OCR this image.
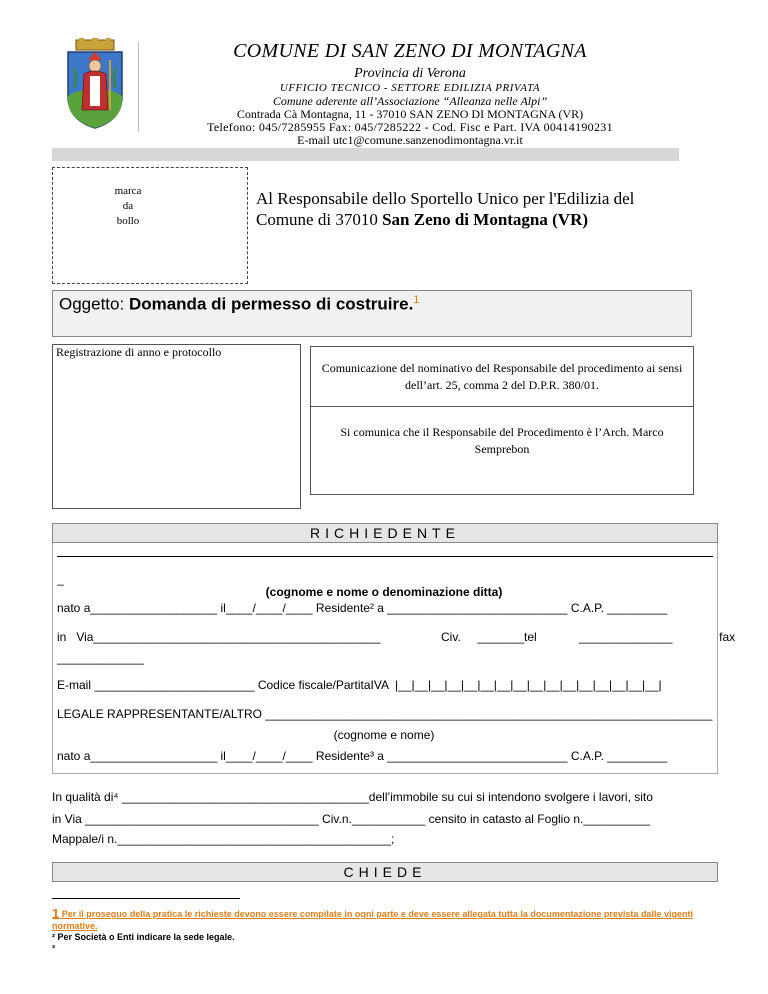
COMUNE DI SAN ZENO DI MONTAGNA
Provincia di Verona
UFFICIO TECNICO - SETTORE EDILIZIA PRIVATA
Comune aderente all’Associazione “Alleanza nelle Alpi”
Contrada Cà Montagna, 11 - 37010 SAN ZENO DI MONTAGNA (VR)
Telefono: 045/7285955 Fax: 045/7285222 - Cod. Fisc e Part. IVA 00414190231
E-mail utc1@comune.sanzenodimontagna.vr.it
marca
da
bollo
Al Responsabile dello Sportello Unico per l'Edilizia del
Comune di 37010 San Zeno di Montagna (VR)
Oggetto: Domanda di permesso di costruire.$^1$
Registrazione di anno e protocollo
Comunicazione del nominativo del Responsabile del procedimento ai sensi dell’art. 25, comma 2 del D.P.R. 380/01.
Si comunica che il Responsabile del Procedimento è l’Arch. Marco Semprebon
RICHIEDENTE
_
(cognome e nome o denominazione ditta)
nato a___________________ il____/____/____ Residente² a ___________________________ C.A.P. _________
in   Via___________________________________________	Civ.     _______ tel	______________              fax
_____________
E-mail ________________________ Codice fiscale/PartitaIVA  |__|__|__|__|__|__|__|__|__|__|__|__|__|__|__|__|
LEGALE RAPPRESENTANTE/ALTRO ___________________________________________________________________
(cognome e nome)
nato a___________________ il____/____/____ Residente³ a ___________________________ C.A.P. _________
In qualità di⁴ _____________________________________dell’immobile su cui si intendono svolgere i lavori, sito
in Via ___________________________________ Civ.n.___________ censito in catasto al Foglio n.__________
Mappale/i n._________________________________________;
CHIEDE
1 Per il proseguo della pratica le richieste devono essere compilate in ogni parte e deve essere allegata tutta la documentazione prevista dalle vigenti normative.
² Per Società o Enti indicare la sede legale.
³
